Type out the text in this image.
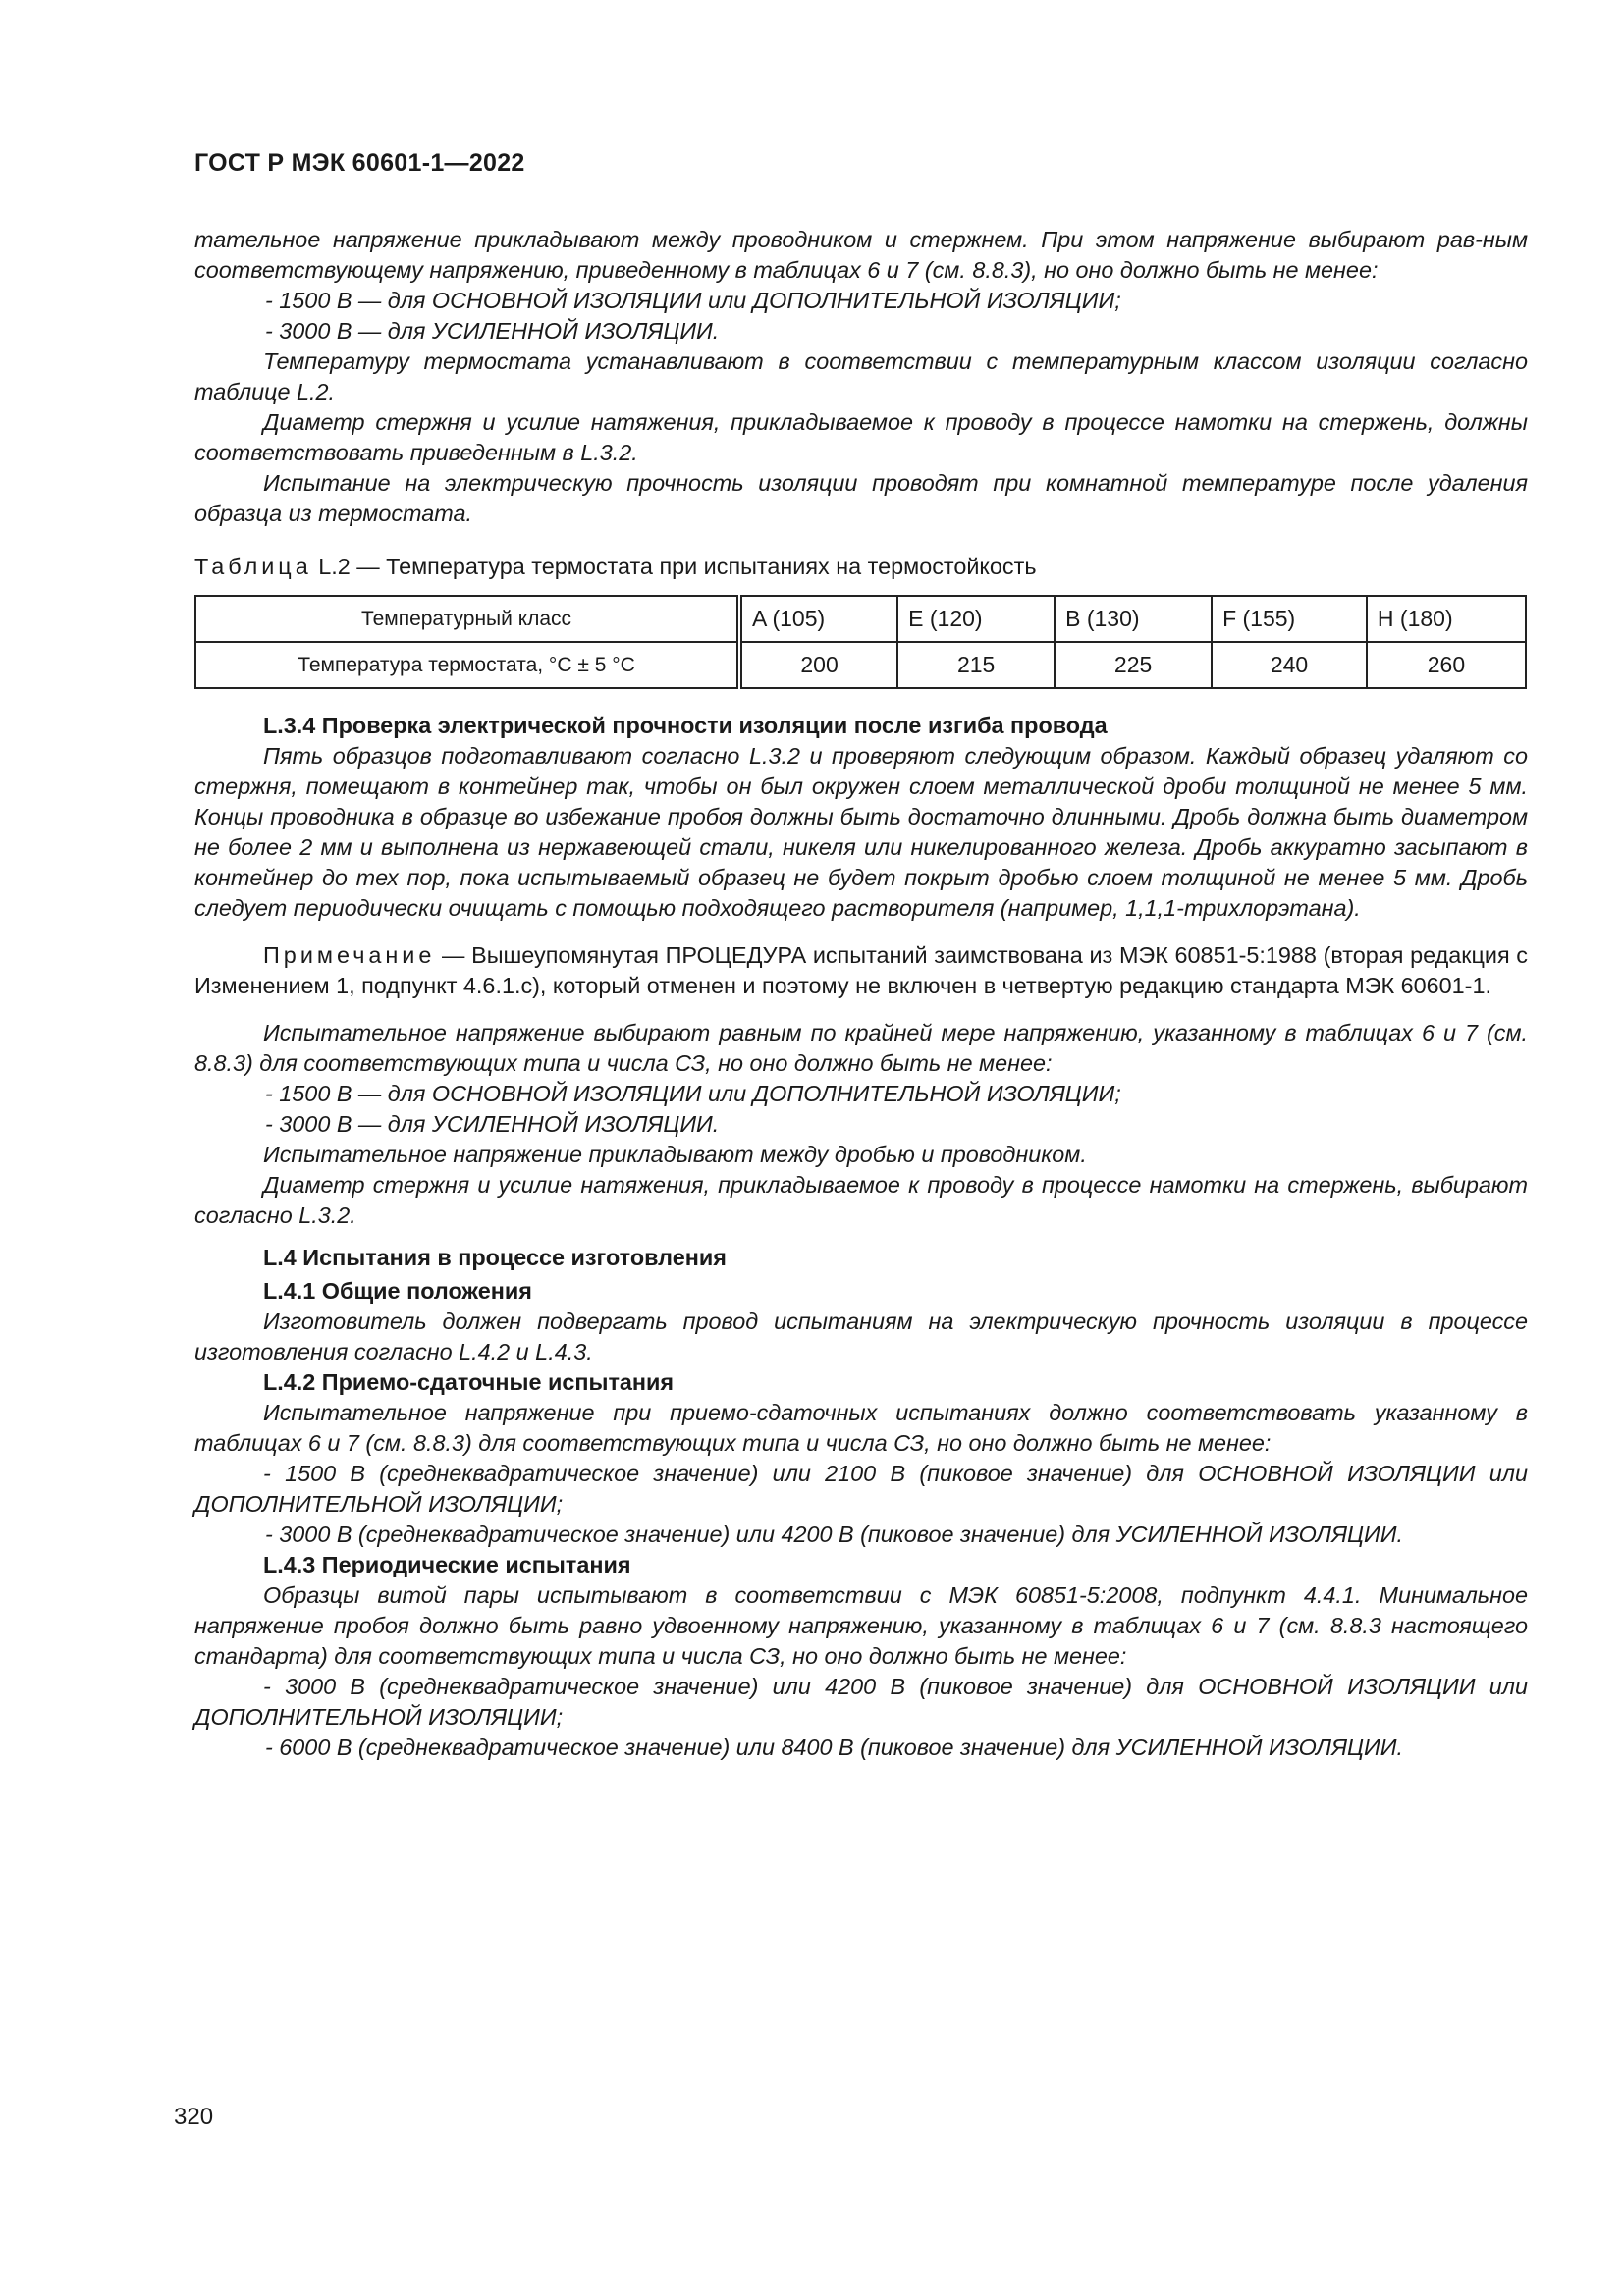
ГОСТ Р МЭК 60601-1—2022

тательное напряжение прикладывают между проводником и стержнем. При этом напряжение выбирают рав-ным соответствующему напряжению, приведенному в таблицах 6 и 7 (см. 8.8.3), но оно должно быть не менее:

- 1500 В — для ОСНОВНОЙ ИЗОЛЯЦИИ или ДОПОЛНИТЕЛЬНОЙ ИЗОЛЯЦИИ;

- 3000 В — для УСИЛЕННОЙ ИЗОЛЯЦИИ.

Температуру термостата устанавливают в соответствии с температурным классом изоляции согласно таблице L.2.

Диаметр стержня и усилие натяжения, прикладываемое к проводу в процессе намотки на стержень, должны соответствовать приведенным в L.3.2.

Испытание на электрическую прочность изоляции проводят при комнатной температуре после удаления образца из термостата.

Таблица L.2 — Температура термостата при испытаниях на термостойкость
Температурный класс	A (105)	E (120)	B (130)	F (155)	H (180)
Температура термостата, °C ± 5 °C	200	215	225	240	260

L.3.4 Проверка электрической прочности изоляции после изгиба провода

Пять образцов подготавливают согласно L.3.2 и проверяют следующим образом. Каждый образец удаляют со стержня, помещают в контейнер так, чтобы он был окружен слоем металлической дроби толщиной не менее 5 мм. Концы проводника в образце во избежание пробоя должны быть достаточно длинными. Дробь должна быть диаметром не более 2 мм и выполнена из нержавеющей стали, никеля или никелированного железа. Дробь аккуратно засыпают в контейнер до тех пор, пока испытываемый образец не будет покрыт дробью слоем толщиной не менее 5 мм. Дробь следует периодически очищать с помощью подходящего растворителя (например, 1,1,1-трихлорэтана).

Примечание — Вышеупомянутая ПРОЦЕДУРА испытаний заимствована из МЭК 60851-5:1988 (вторая редакция с Изменением 1, подпункт 4.6.1.c), который отменен и поэтому не включен в четвертую редакцию стандарта МЭК 60601-1.

Испытательное напряжение выбирают равным по крайней мере напряжению, указанному в таблицах 6 и 7 (см. 8.8.3) для соответствующих типа и числа СЗ, но оно должно быть не менее:

- 1500 В — для ОСНОВНОЙ ИЗОЛЯЦИИ или ДОПОЛНИТЕЛЬНОЙ ИЗОЛЯЦИИ;

- 3000 В — для УСИЛЕННОЙ ИЗОЛЯЦИИ.

Испытательное напряжение прикладывают между дробью и проводником.

Диаметр стержня и усилие натяжения, прикладываемое к проводу в процессе намотки на стержень, выбирают согласно L.3.2.

L.4 Испытания в процессе изготовления

L.4.1 Общие положения

Изготовитель должен подвергать провод испытаниям на электрическую прочность изоляции в процессе изготовления согласно L.4.2 и L.4.3.

L.4.2 Приемо-сдаточные испытания

Испытательное напряжение при приемо-сдаточных испытаниях должно соответствовать указанному в таблицах 6 и 7 (см. 8.8.3) для соответствующих типа и числа СЗ, но оно должно быть не менее:

- 1500 В (среднеквадратическое значение) или 2100 В (пиковое значение) для ОСНОВНОЙ ИЗОЛЯЦИИ или ДОПОЛНИТЕЛЬНОЙ ИЗОЛЯЦИИ;

- 3000 В (среднеквадратическое значение) или 4200 В (пиковое значение) для УСИЛЕННОЙ ИЗОЛЯЦИИ.

L.4.3 Периодические испытания

Образцы витой пары испытывают в соответствии с МЭК 60851-5:2008, подпункт 4.4.1. Минимальное напряжение пробоя должно быть равно удвоенному напряжению, указанному в таблицах 6 и 7 (см. 8.8.3 настоящего стандарта) для соответствующих типа и числа СЗ, но оно должно быть не менее:

- 3000 В (среднеквадратическое значение) или 4200 В (пиковое значение) для ОСНОВНОЙ ИЗОЛЯЦИИ или ДОПОЛНИТЕЛЬНОЙ ИЗОЛЯЦИИ;

- 6000 В (среднеквадратическое значение) или 8400 В (пиковое значение) для УСИЛЕННОЙ ИЗОЛЯЦИИ.

320
